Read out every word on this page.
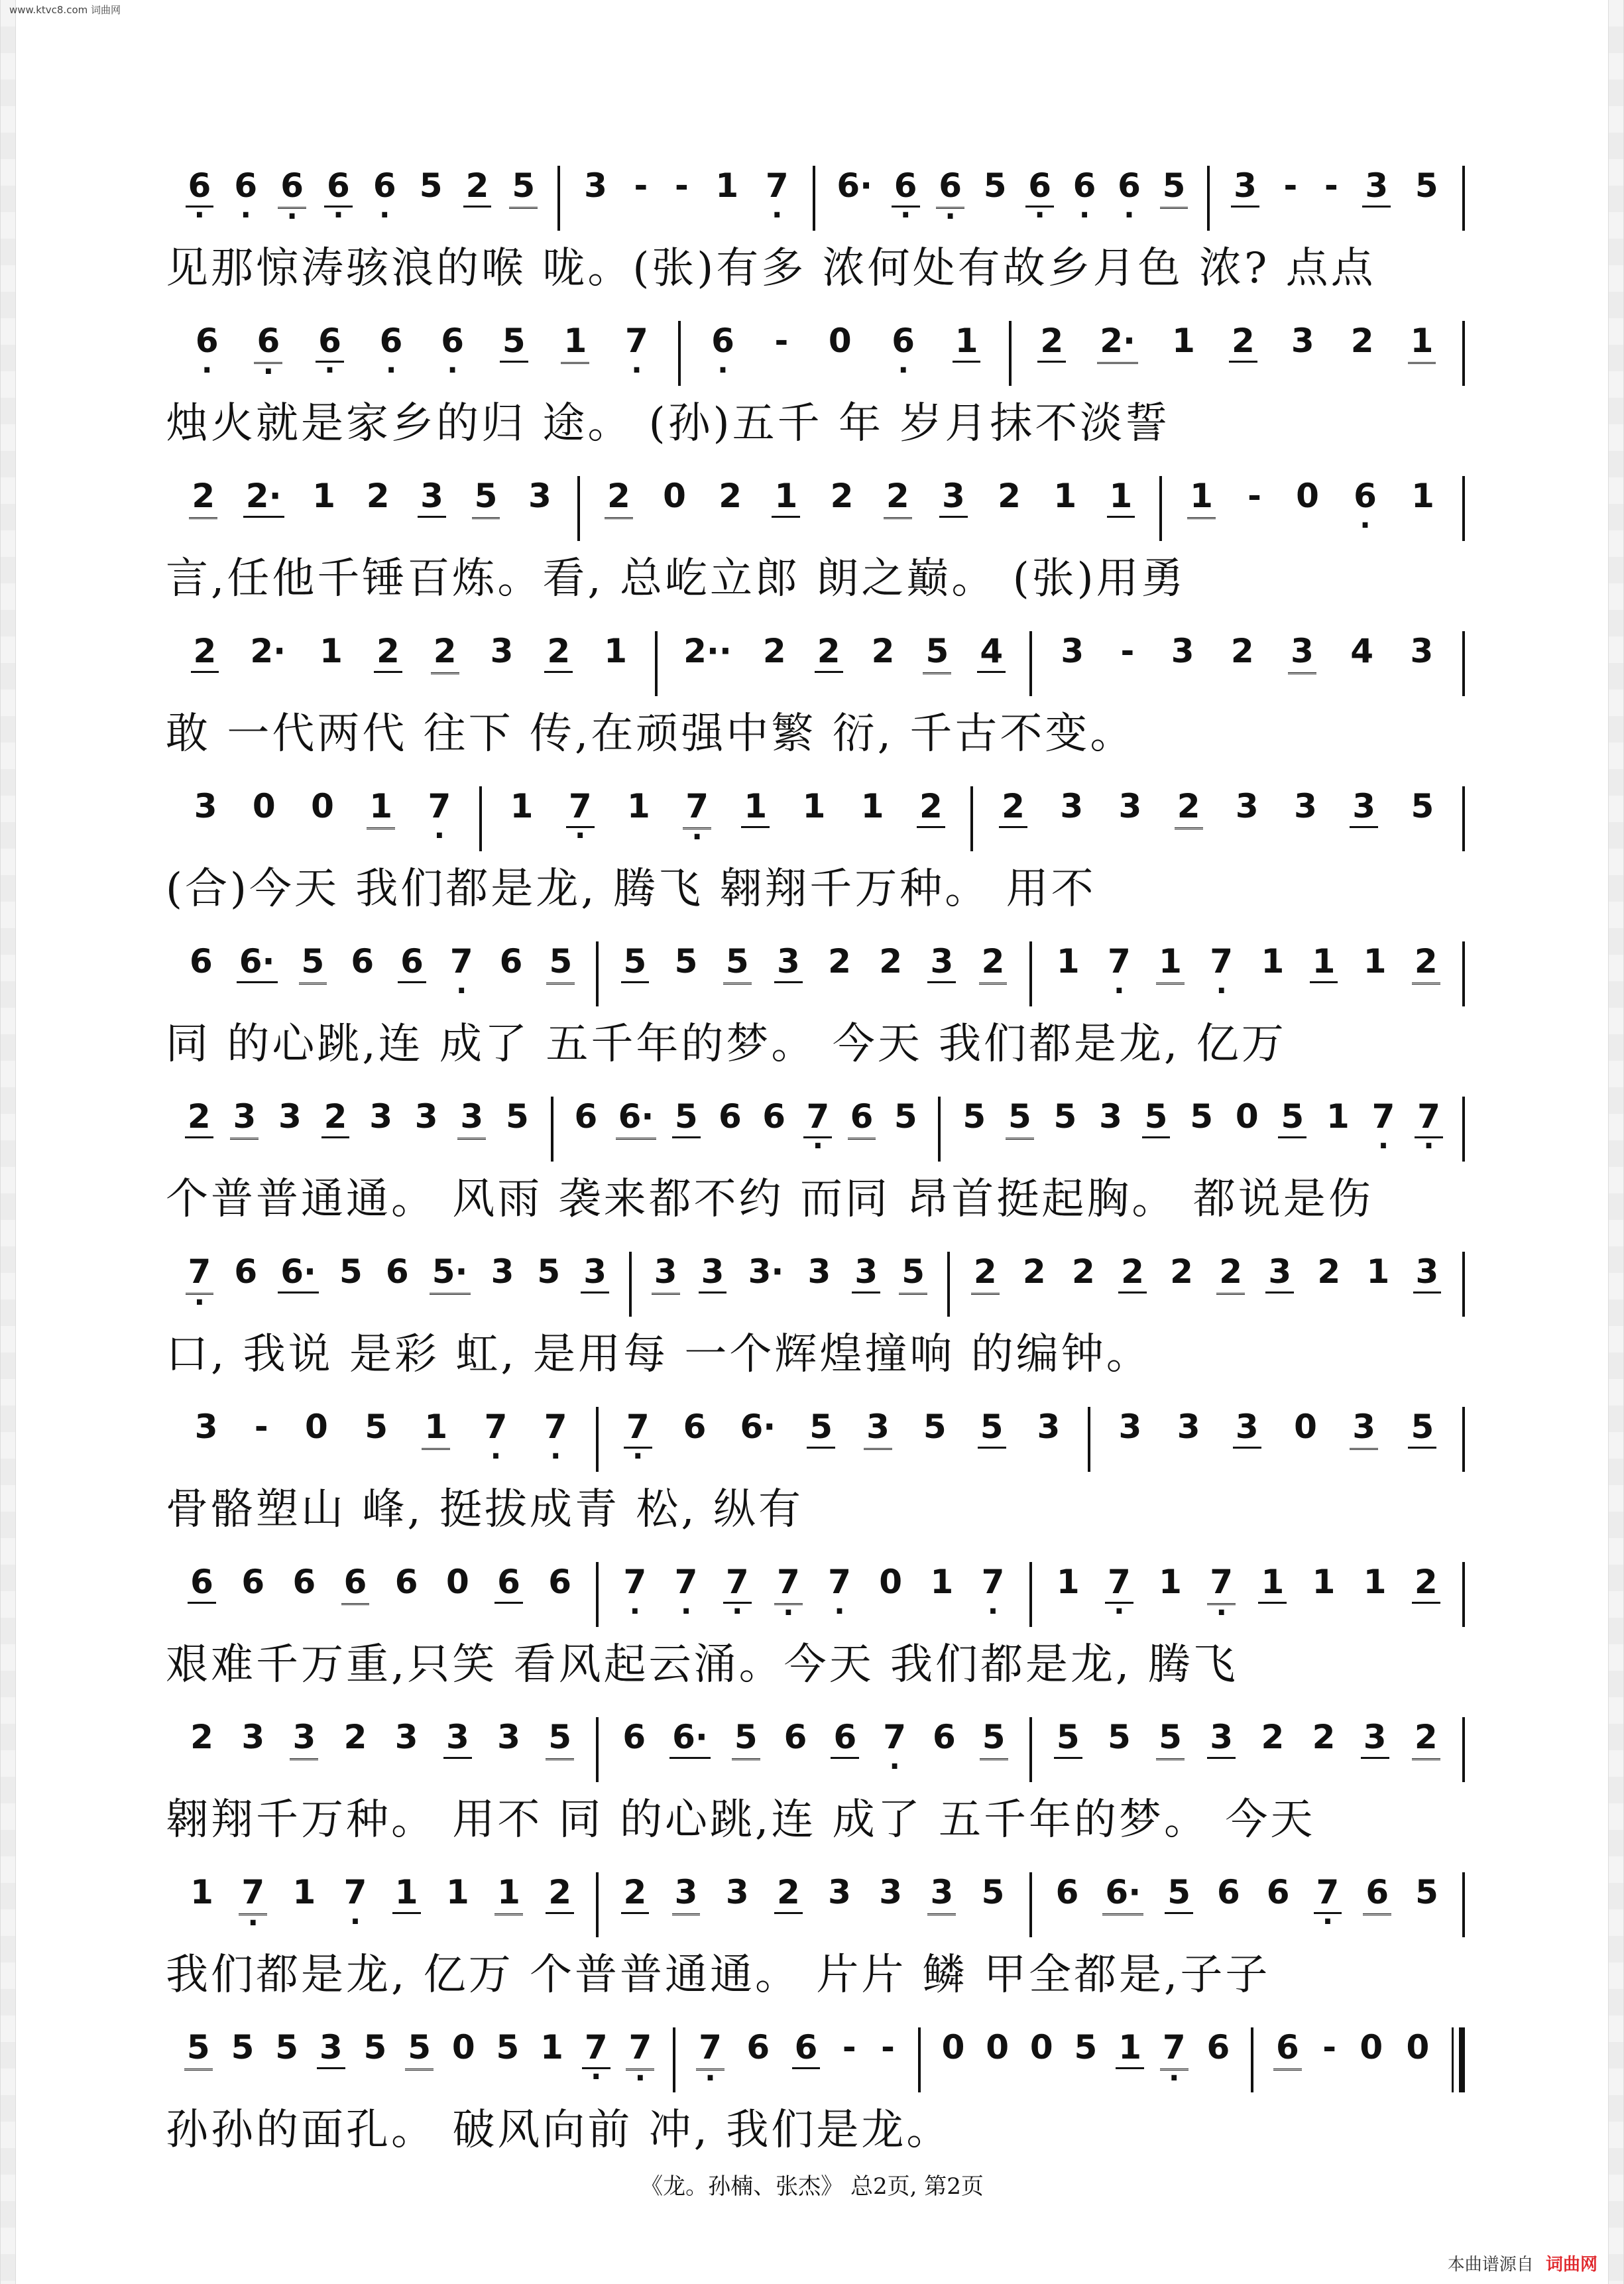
www.ktvc8.com 词曲网
6 · 6 · 6 · 6 · 6 · 5 2 5 3 - - 1 7 · 6· 6 · 6 · 5 6 · 6 · 6 · 5 3 - - 3 5
见那惊涛骇浪的喉 咙。(张)有多 浓何处有故乡月色 浓? 点点
6 · 6 · 6 · 6 · 6 · 5 1 7 · 6 · - 0 6 · 1 2 2· 1 2 3 2 1
烛火就是家乡的归 途。 (孙)五千 年 岁月抹不淡誓
2 2· 1 2 3 5 3 2 0 2 1 2 2 3 2 1 1 1 - 0 6 · 1
言,任他千锤百炼。看, 总屹立郎 朗之巅。 (张)用勇
2 2· 1 2 2 3 2 1 2·· 2 2 2 5 4 3 - 3 2 3 4 3
敢 一代两代 往下 传,在顽强中繁 衍, 千古不变。
3 0 0 1 7 · 1 7 · 1 7 · 1 1 1 2 2 3 3 2 3 3 3 5
(合)今天 我们都是龙, 腾飞 翱翔千万种。 用不
6 6· 5 6 6 7 · 6 5 5 5 5 3 2 2 3 2 1 7 · 1 7 · 1 1 1 2
同 的心跳,连 成了 五千年的梦。 今天 我们都是龙, 亿万
2 3 3 2 3 3 3 5 6 6· 5 6 6 7 · 6 5 5 5 5 3 5 5 0 5 1 7 · 7 ·
个普普通通。 风雨 袭来都不约 而同 昂首挺起胸。 都说是伤
7 · 6 6· 5 6 5· 3 5 3 3 3 3· 3 3 5 2 2 2 2 2 2 3 2 1 3
口, 我说 是彩 虹, 是用每 一个辉煌撞响 的编钟。
3 - 0 5 1 7 · 7 · 7 · 6 6· 5 3 5 5 3 3 3 3 0 3 5
骨骼塑山 峰, 挺拔成青 松, 纵有
6 6 6 6 6 0 6 6 7 · 7 · 7 · 7 · 7 · 0 1 7 · 1 7 · 1 7 · 1 1 1 2
艰难千万重,只笑 看风起云涌。今天 我们都是龙, 腾飞
2 3 3 2 3 3 3 5 6 6· 5 6 6 7 · 6 5 5 5 5 3 2 2 3 2
翱翔千万种。 用不 同 的心跳,连 成了 五千年的梦。 今天
1 7 · 1 7 · 1 1 1 2 2 3 3 2 3 3 3 5 6 6· 5 6 6 7 · 6 5
我们都是龙, 亿万 个普普通通。 片片 鳞 甲全都是,子子
5 5 5 3 5 5 0 5 1 7 · 7 · 7 · 6 6 - - 0 0 0 5 1 7 · 6 6 - 0 0
孙孙的面孔。 破风向前 冲, 我们是龙。
《龙。孙楠、张杰》 总2页, 第2页
本曲谱源自 词曲网
